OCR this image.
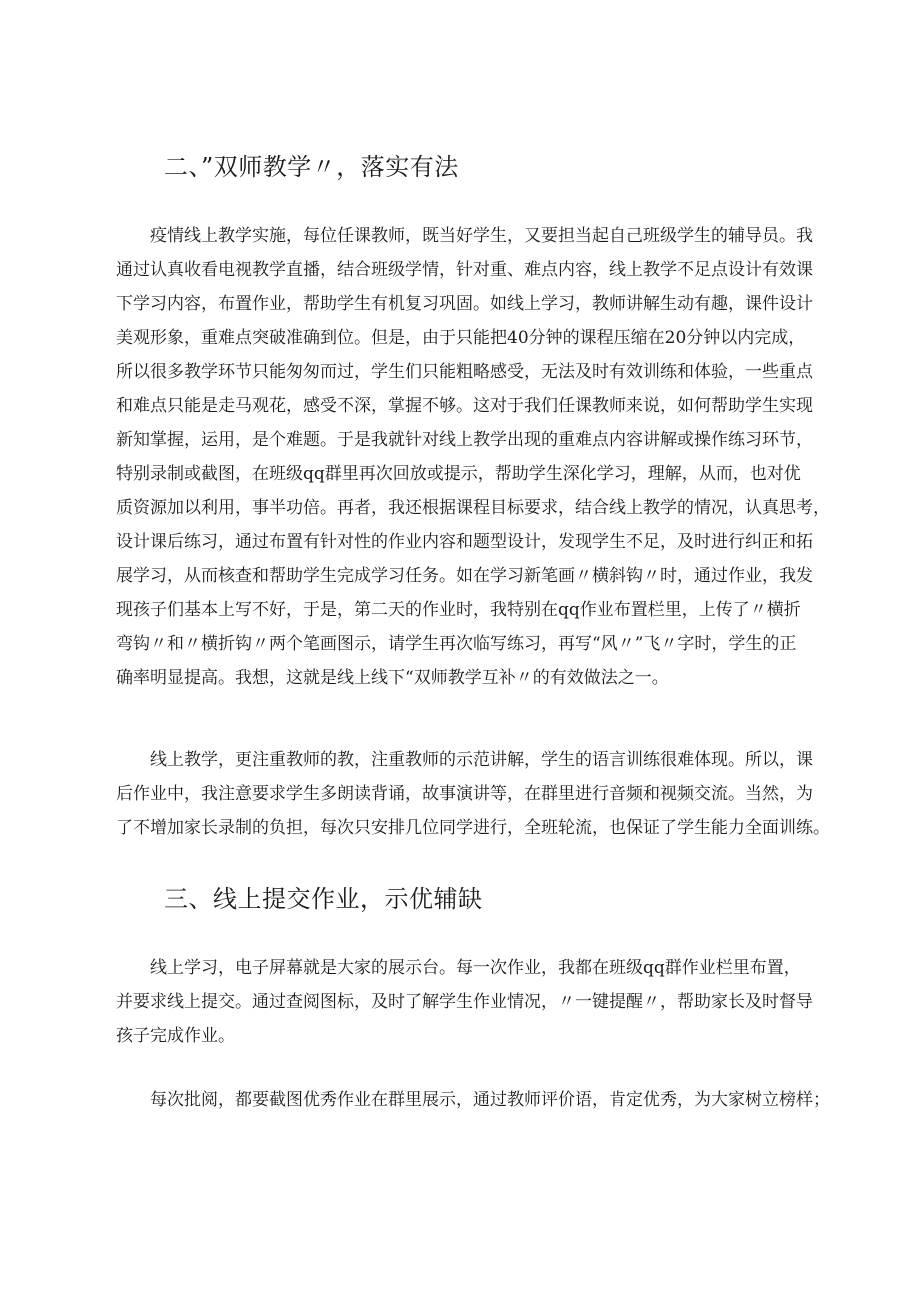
二、”双师教学〃，落实有法
疫情线上教学实施，每位任课教师，既当好学生，又要担当起自己班级学生的辅导员。我
通过认真收看电视教学直播，结合班级学情，针对重、难点内容，线上教学不足点设计有效课
下学习内容，布置作业，帮助学生有机复习巩固。如线上学习，教师讲解生动有趣，课件设计
美观形象，重难点突破准确到位。但是，由于只能把40分钟的课程压缩在20分钟以内完成，
所以很多教学环节只能匆匆而过，学生们只能粗略感受，无法及时有效训练和体验，一些重点
和难点只能是走马观花，感受不深，掌握不够。这对于我们任课教师来说，如何帮助学生实现
新知掌握，运用，是个难题。于是我就针对线上教学出现的重难点内容讲解或操作练习环节，
特别录制或截图，在班级qq群里再次回放或提示，帮助学生深化学习，理解，从而，也对优
质资源加以利用，事半功倍。再者，我还根据课程目标要求，结合线上教学的情况，认真思考，
设计课后练习，通过布置有针对性的作业内容和题型设计，发现学生不足，及时进行纠正和拓
展学习，从而核查和帮助学生完成学习任务。如在学习新笔画〃横斜钩〃时，通过作业，我发
现孩子们基本上写不好，于是，第二天的作业时，我特别在qq作业布置栏里，上传了〃横折
弯钩〃和〃横折钩〃两个笔画图示，请学生再次临写练习，再写“风〃”飞〃字时，学生的正
确率明显提高。我想，这就是线上线下“双师教学互补〃的有效做法之一。
线上教学，更注重教师的教，注重教师的示范讲解，学生的语言训练很难体现。所以，课
后作业中，我注意要求学生多朗读背诵，故事演讲等，在群里进行音频和视频交流。当然，为
了不增加家长录制的负担，每次只安排几位同学进行，全班轮流，也保证了学生能力全面训练。
三、线上提交作业，示优辅缺
线上学习，电子屏幕就是大家的展示台。每一次作业，我都在班级qq群作业栏里布置，
并要求线上提交。通过查阅图标，及时了解学生作业情况，〃一键提醒〃，帮助家长及时督导
孩子完成作业。
每次批阅，都要截图优秀作业在群里展示，通过教师评价语，肯定优秀，为大家树立榜样；
